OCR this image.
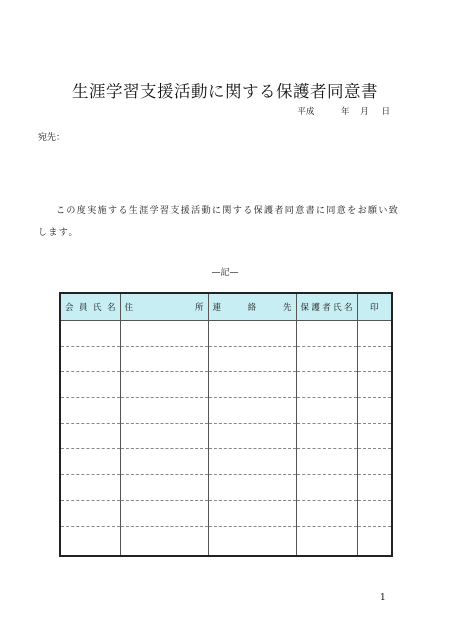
生涯学習支援活動に関する保護者同意書
平成	年 月 日
宛先：
この度実施する生涯学習支援活動に関する保護者同意書に同意をお願い致します。
—記—
会 員 氏 名	住 所	連 絡 先	保 護 者 氏 名	印

1
